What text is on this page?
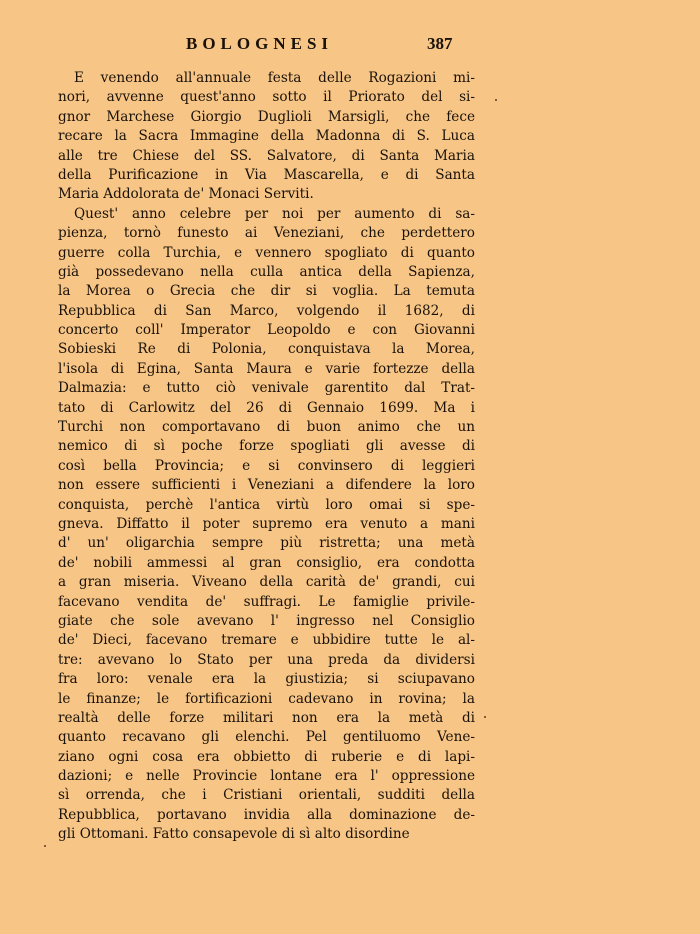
BOLOGNESI	387
E venendo all'annuale festa delle Rogazioni mi-
nori, avvenne quest'anno sotto il Priorato del si-
gnor Marchese Giorgio Duglioli Marsigli, che fece
recare la Sacra Immagine della Madonna di S. Luca
alle tre Chiese del SS. Salvatore, di Santa Maria
della Purificazione in Via Mascarella, e di Santa
Maria Addolorata de' Monaci Serviti.
Quest' anno celebre per noi per aumento di sa-
pienza, tornò funesto ai Veneziani, che perdettero
guerre colla Turchia, e vennero spogliato di quanto
già possedevano nella culla antica della Sapienza,
la Morea o Grecia che dir si voglia. La temuta
Repubblica di San Marco, volgendo il 1682, di
concerto coll' Imperator Leopoldo e con Giovanni
Sobieski Re di Polonia, conquistava la Morea,
l'isola di Egina, Santa Maura e varie fortezze della
Dalmazia: e tutto ciò venivale garentito dal Trat-
tato di Carlowitz del 26 di Gennaio 1699. Ma i
Turchi non comportavano di buon animo che un
nemico di sì poche forze spogliati gli avesse di
così bella Provincia; e si convinsero di leggieri
non essere sufficienti i Veneziani a difendere la loro
conquista, perchè l'antica virtù loro omai si spe-
gneva. Diffatto il poter supremo era venuto a mani
d' un' oligarchia sempre più ristretta; una metà
de' nobili ammessi al gran consiglio, era condotta
a gran miseria. Viveano della carità de' grandi, cui
facevano vendita de' suffragi. Le famiglie privile-
giate che sole avevano l' ingresso nel Consiglio
de' Dieci, facevano tremare e ubbidire tutte le al-
tre: avevano lo Stato per una preda da dividersi
fra loro: venale era la giustizia; si sciupavano
le finanze; le fortificazioni cadevano in rovina; la
realtà delle forze militari non era la metà di
quanto recavano gli elenchi. Pel gentiluomo Vene-
ziano ogni cosa era obbietto di ruberie e di lapi-
dazioni; e nelle Provincie lontane era l' oppressione
sì orrenda, che i Cristiani orientali, sudditi della
Repubblica, portavano invidia alla dominazione de-
gli Ottomani. Fatto consapevole di sì alto disordine
